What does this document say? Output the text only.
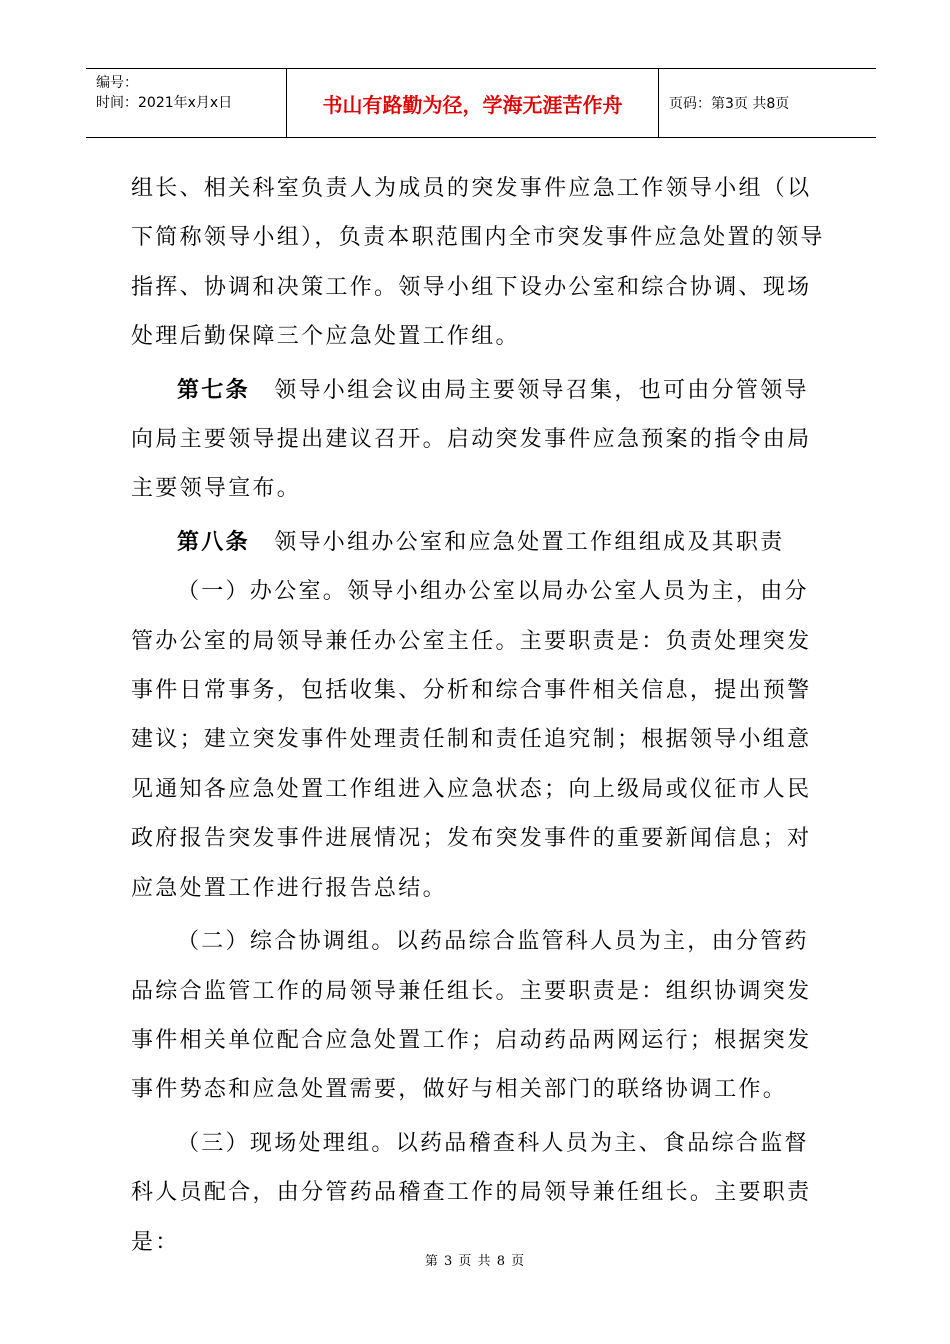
编号：
时间：2021年x月x日	书山有路勤为径，学海无涯苦作舟	页码：第3页 共8页

组长、相关科室负责人为成员的突发事件应急工作领导小组（以下简称领导小组），负责本职范围内全市突发事件应急处置的领导指挥、协调和决策工作。领导小组下设办公室和综合协调、现场处理后勤保障三个应急处置工作组。

第七条　领导小组会议由局主要领导召集，也可由分管领导向局主要领导提出建议召开。启动突发事件应急预案的指令由局主要领导宣布。

第八条　领导小组办公室和应急处置工作组组成及其职责

（一）办公室。领导小组办公室以局办公室人员为主，由分管办公室的局领导兼任办公室主任。主要职责是：负责处理突发事件日常事务，包括收集、分析和综合事件相关信息，提出预警建议；建立突发事件处理责任制和责任追究制；根据领导小组意见通知各应急处置工作组进入应急状态；向上级局或仪征市人民政府报告突发事件进展情况；发布突发事件的重要新闻信息；对应急处置工作进行报告总结。

（二）综合协调组。以药品综合监管科人员为主，由分管药品综合监管工作的局领导兼任组长。主要职责是：组织协调突发事件相关单位配合应急处置工作；启动药品两网运行；根据突发事件势态和应急处置需要，做好与相关部门的联络协调工作。

（三）现场处理组。以药品稽查科人员为主、食品综合监督科人员配合，由分管药品稽查工作的局领导兼任组长。主要职责是：

第 3 页 共 8 页
